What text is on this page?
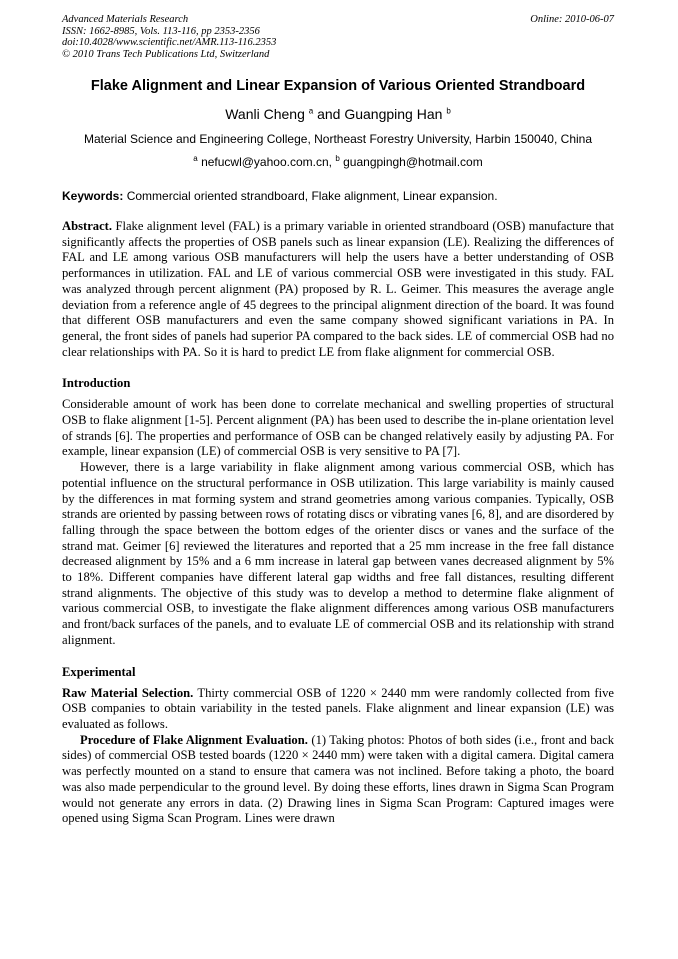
Advanced Materials Research	Online: 2010-06-07
ISSN: 1662-8985, Vols. 113-116, pp 2353-2356
doi:10.4028/www.scientific.net/AMR.113-116.2353
© 2010 Trans Tech Publications Ltd, Switzerland
Flake Alignment and Linear Expansion of Various Oriented Strandboard
Wanli Cheng $^a$ and Guangping Han $^b$
Material Science and Engineering College, Northeast Forestry University, Harbin 150040, China
$^a$ nefucwl@yahoo.com.cn, $^b$ guangpingh@hotmail.com
Keywords: Commercial oriented strandboard, Flake alignment, Linear expansion.

Abstract. Flake alignment level (FAL) is a primary variable in oriented strandboard (OSB) manufacture that significantly affects the properties of OSB panels such as linear expansion (LE). Realizing the differences of FAL and LE among various OSB manufacturers will help the users have a better understanding of OSB performances in utilization. FAL and LE of various commercial OSB were investigated in this study. FAL was analyzed through percent alignment (PA) proposed by R. L. Geimer. This measures the average angle deviation from a reference angle of 45 degrees to the principal alignment direction of the board. It was found that different OSB manufacturers and even the same company showed significant variations in PA. In general, the front sides of panels had superior PA compared to the back sides. LE of commercial OSB had no clear relationships with PA. So it is hard to predict LE from flake alignment for commercial OSB.

Introduction

Considerable amount of work has been done to correlate mechanical and swelling properties of structural OSB to flake alignment [1-5]. Percent alignment (PA) has been used to describe the in-plane orientation level of strands [6]. The properties and performance of OSB can be changed relatively easily by adjusting PA. For example, linear expansion (LE) of commercial OSB is very sensitive to PA [7].

However, there is a large variability in flake alignment among various commercial OSB, which has potential influence on the structural performance in OSB utilization. This large variability is mainly caused by the differences in mat forming system and strand geometries among various companies. Typically, OSB strands are oriented by passing between rows of rotating discs or vibrating vanes [6, 8], and are disordered by falling through the space between the bottom edges of the orienter discs or vanes and the surface of the strand mat. Geimer [6] reviewed the literatures and reported that a 25 mm increase in the free fall distance decreased alignment by 15% and a 6 mm increase in lateral gap between vanes decreased alignment by 5% to 18%. Different companies have different lateral gap widths and free fall distances, resulting different strand alignments. The objective of this study was to develop a method to determine flake alignment of various commercial OSB, to investigate the flake alignment differences among various OSB manufacturers and front/back surfaces of the panels, and to evaluate LE of commercial OSB and its relationship with strand alignment.

Experimental

Raw Material Selection. Thirty commercial OSB of 1220 × 2440 mm were randomly collected from five OSB companies to obtain variability in the tested panels. Flake alignment and linear expansion (LE) was evaluated as follows.

Procedure of Flake Alignment Evaluation. (1) Taking photos: Photos of both sides (i.e., front and back sides) of commercial OSB tested boards (1220 × 2440 mm) were taken with a digital camera. Digital camera was perfectly mounted on a stand to ensure that camera was not inclined. Before taking a photo, the board was also made perpendicular to the ground level. By doing these efforts, lines drawn in Sigma Scan Program would not generate any errors in data. (2) Drawing lines in Sigma Scan Program: Captured images were opened using Sigma Scan Program. Lines were drawn
